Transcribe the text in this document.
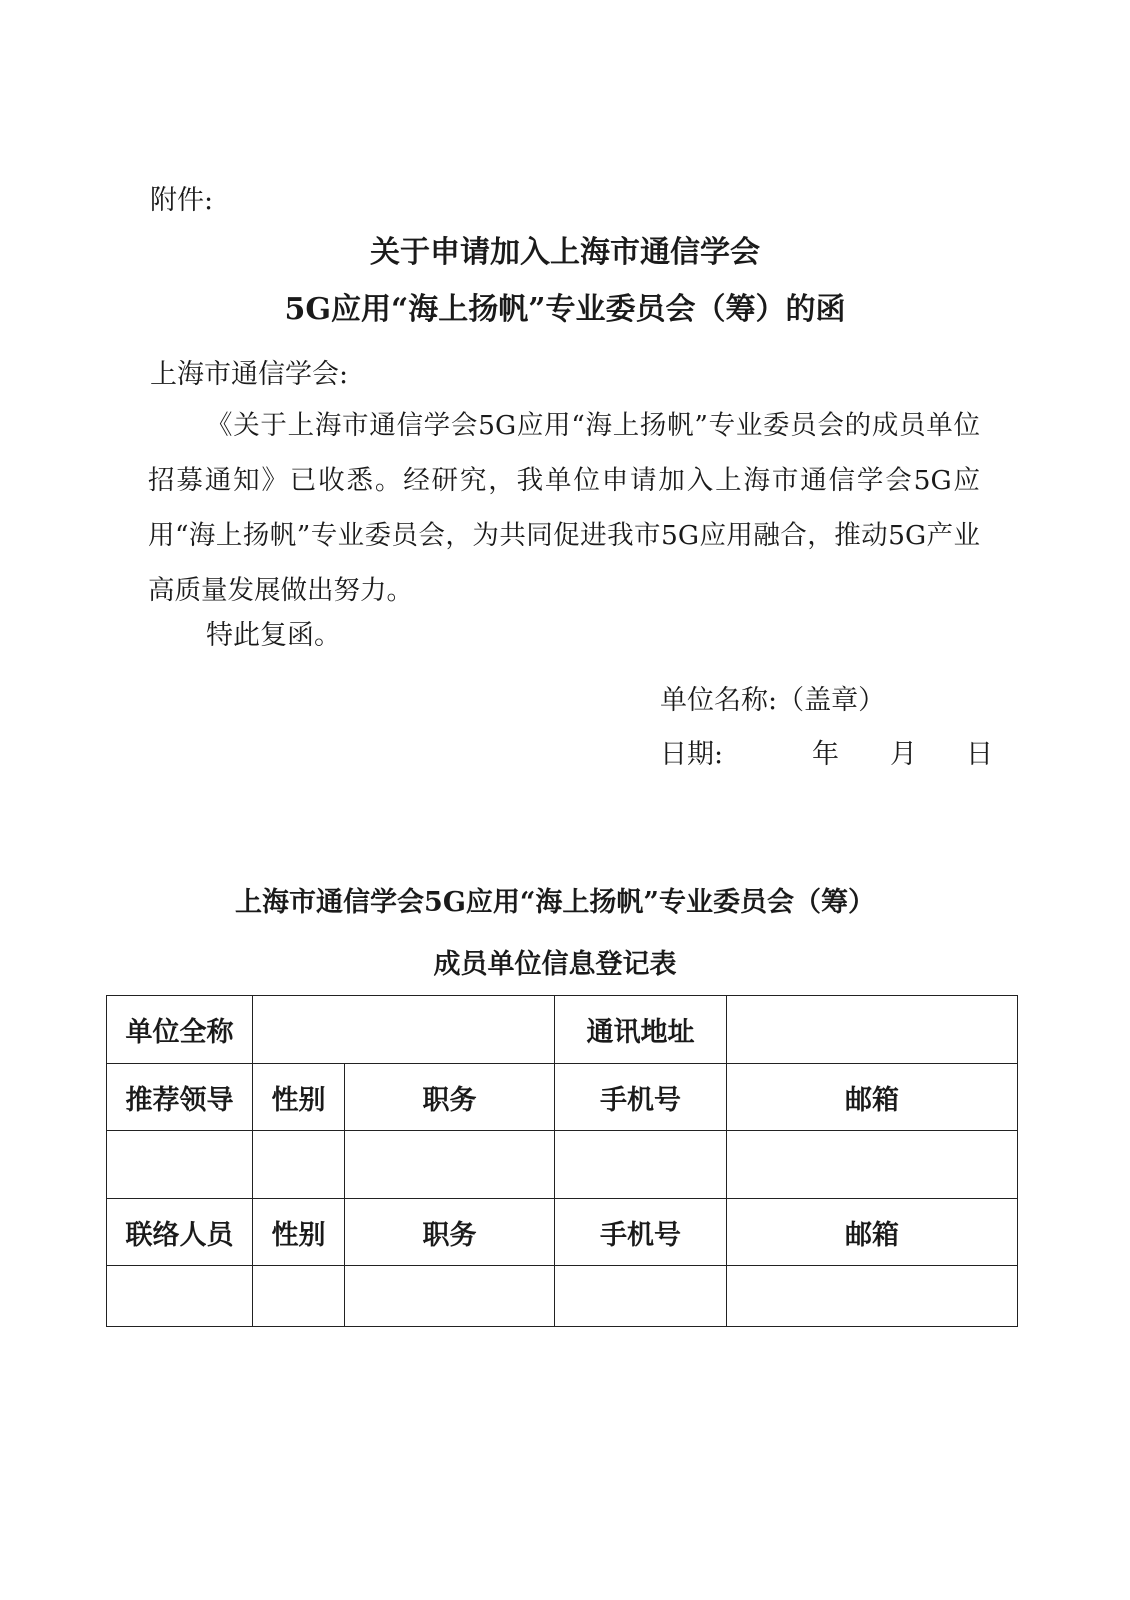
附件:
关于申请加入上海市通信学会
5G应用“海上扬帆”专业委员会（筹）的函
上海市通信学会:
《关于上海市通信学会5G应用“海上扬帆”专业委员会的成员单位招募通知》已收悉。经研究，我单位申请加入上海市通信学会5G应用“海上扬帆”专业委员会，为共同促进我市5G应用融合，推动5G产业高质量发展做出努力。
特此复函。
单位名称:（盖章）
日期:	年 月 日
上海市通信学会5G应用“海上扬帆”专业委员会（筹）
成员单位信息登记表
单位全称			通讯地址	
推荐领导	性别	职务	手机号	邮箱

联络人员	性别	职务	手机号	邮箱
